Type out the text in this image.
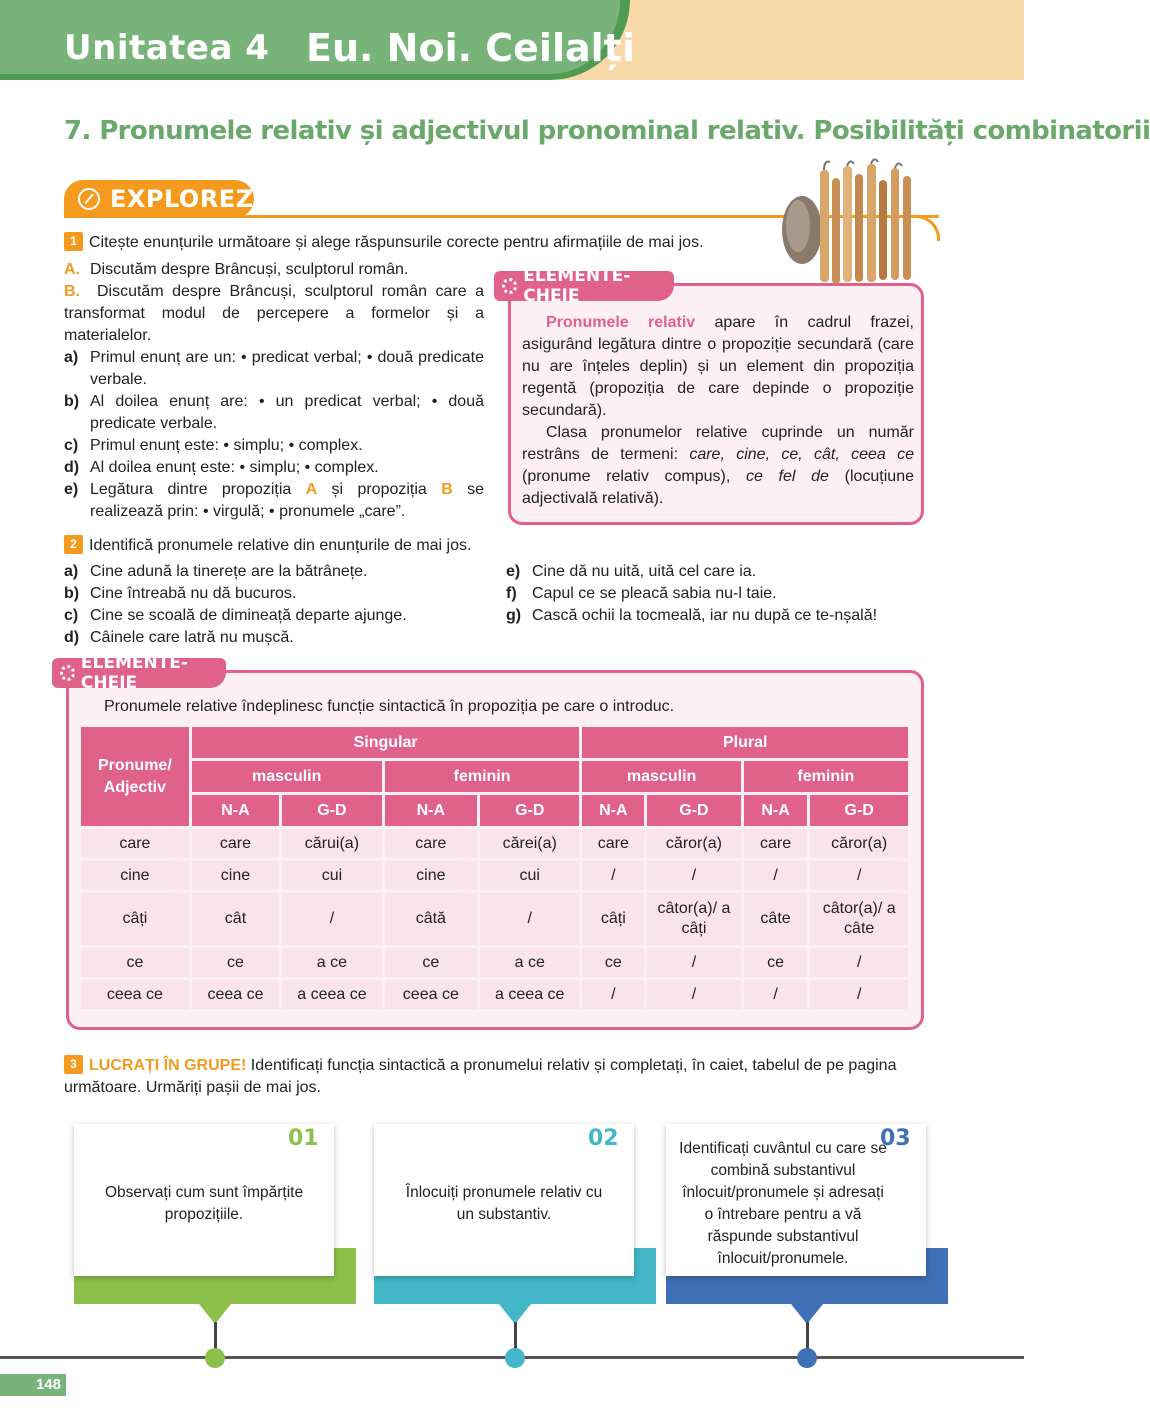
Unitatea 4 Eu. Noi. Ceilalți
7. Pronumele relativ și adjectivul pronominal relativ. Posibilități combinatorii
EXPLOREZ
1 Citește enunțurile următoare și alege răspunsurile corecte pentru afirmațiile de mai jos.
A. Discutăm despre Brâncuși, sculptorul român.
B. Discutăm despre Brâncuși, sculptorul român care a transformat modul de percepere a formelor și a materialelor.
a) Primul enunț are un: • predicat verbal; • două predicate verbale.
b) Al doilea enunț are: • un predicat verbal; • două predicate verbale.
c) Primul enunț este: • simplu; • complex.
d) Al doilea enunț este: • simplu; • complex.
e) Legătura dintre propoziția A și propoziția B se realizează prin: • virgulă; • pronumele „care”.
ELEMENTE-CHEIE

Pronumele relativ apare în cadrul frazei, asigurând legătura dintre o propoziție secundară (care nu are înțeles deplin) și un element din propoziția regentă (propoziția de care depinde o propoziție secundară).

Clasa pronumelor relative cuprinde un număr restrâns de termeni: care, cine, ce, cât, ceea ce (pronume relativ compus), ce fel de (locuțiune adjectivală relativă).

2 Identifică pronumele relative din enunțurile de mai jos.
a) Cine adună la tinerețe are la bătrânețe.
b) Cine întreabă nu dă bucuros.
c) Cine se scoală de dimineață departe ajunge.
d) Câinele care latră nu mușcă.
e) Cine dă nu uită, uită cel care ia.
f) Capul ce se pleacă sabia nu-l taie.
g) Cască ochii la tocmeală, iar nu după ce te-nșală!
ELEMENTE-CHEIE
Pronumele relative îndeplinesc funcție sintactică în propoziția pe care o introduc.
Pronume/ Adjectiv	Singular				Plural			
	masculin		feminin		masculin		feminin	
	N-A	G-D	N-A	G-D	N-A	G-D	N-A	G-D
care	care	cărui(a)	care	cărei(a)	care	căror(a)	care	căror(a)
cine	cine	cui	cine	cui	/	/	/	/
câți	cât	/	câtă	/	câți	câtor(a)/ a câți	câte	câtor(a)/ a câte
ce	ce	a ce	ce	a ce	ce	/	ce	/
ceea ce	ceea ce	a ceea ce	ceea ce	a ceea ce	/	/	/	/
3 LUCRAȚI ÎN GRUPE! Identificați funcția sintactică a pronumelui relativ și completați, în caiet, tabelul de pe pagina următoare. Urmăriți pașii de mai jos.
01
Observați cum sunt împărțite propozițiile.
02
Înlocuiți pronumele relativ cu un substantiv.
03
Identificați cuvântul cu care se combină substantivul înlocuit/pronumele și adresați o întrebare pentru a vă răspunde substantivul înlocuit/pronumele.
148
